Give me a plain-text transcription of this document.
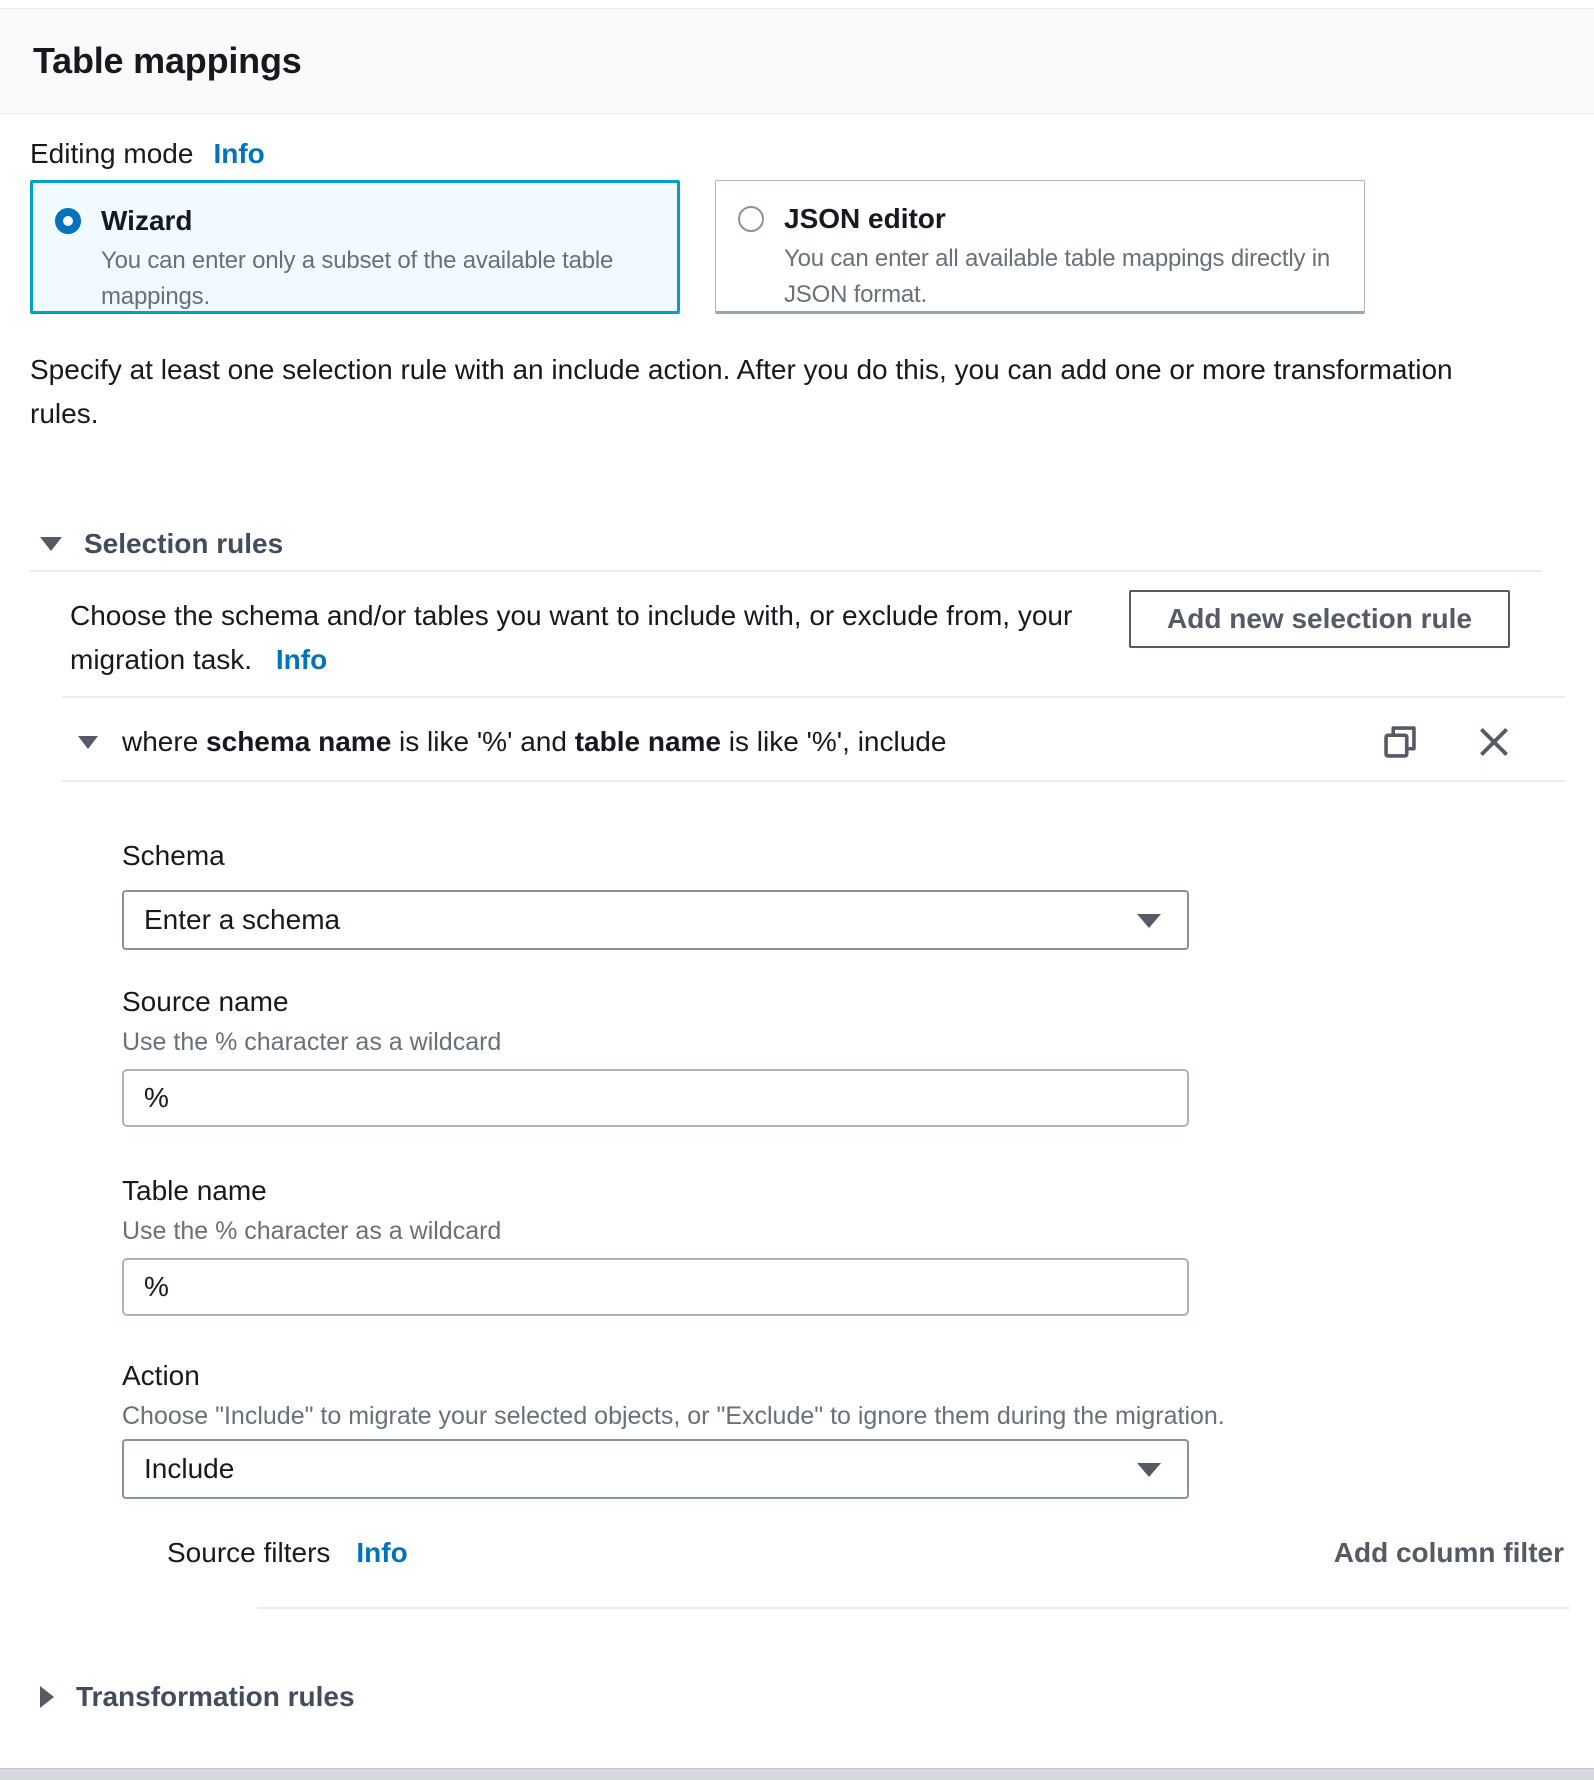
Table mappings
Editing mode Info
Wizard
You can enter only a subset of the available table mappings.
JSON editor
You can enter all available table mappings directly in JSON format.

Specify at least one selection rule with an include action. After you do this, you can add one or more transformation rules.

Selection rules
Choose the schema and/or tables you want to include with, or exclude from, your migration task. Info
Add new selection rule
where schema name is like '%' and table name is like '%', include
Schema
Enter a schema
Source name
Use the % character as a wildcard
%
Table name
Use the % character as a wildcard
%
Action
Choose "Include" to migrate your selected objects, or "Exclude" to ignore them during the migration.
Include
Source filters Info	Add column filter
Transformation rules
